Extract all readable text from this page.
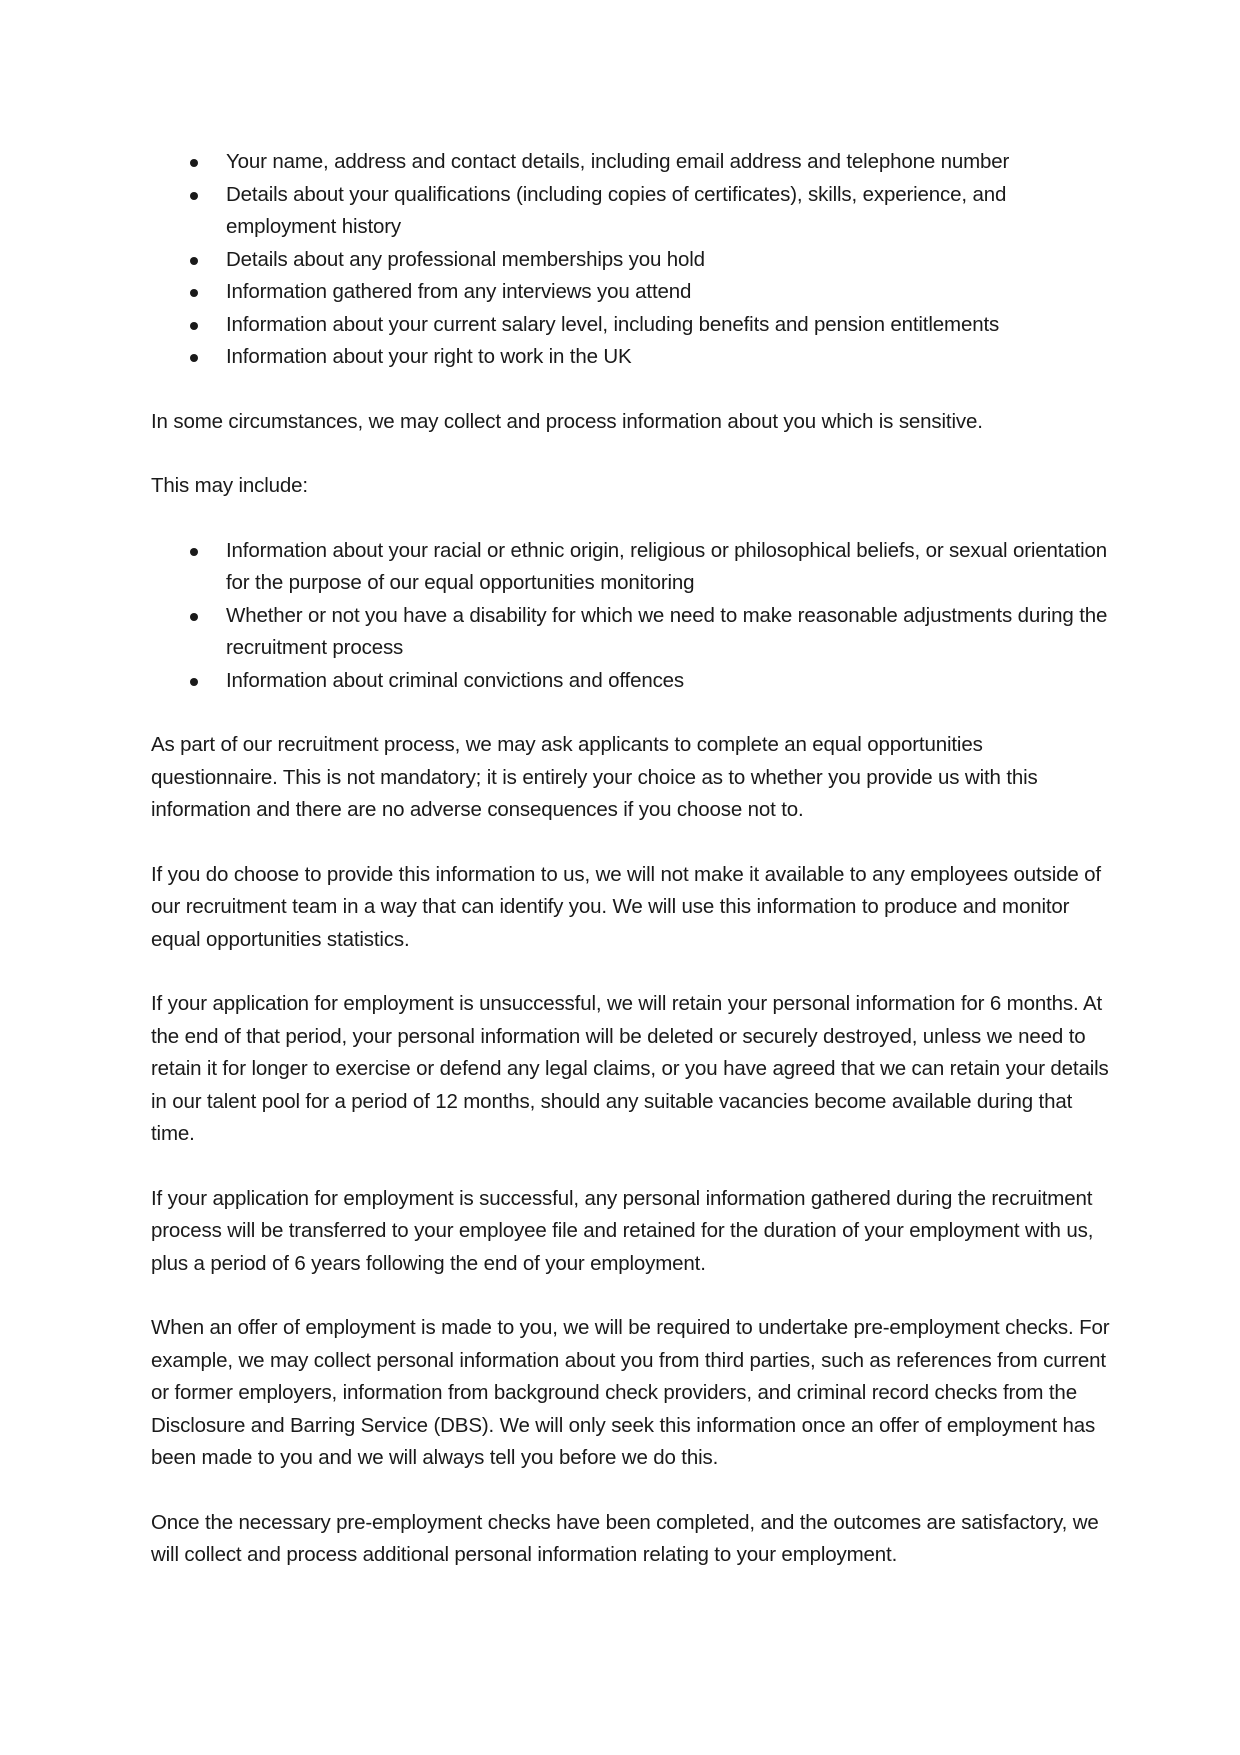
Your name, address and contact details, including email address and telephone number
Details about your qualifications (including copies of certificates), skills, experience, and employment history
Details about any professional memberships you hold
Information gathered from any interviews you attend
Information about your current salary level, including benefits and pension entitlements
Information about your right to work in the UK

In some circumstances, we may collect and process information about you which is sensitive.

This may include:

Information about your racial or ethnic origin, religious or philosophical beliefs, or sexual orientation for the purpose of our equal opportunities monitoring
Whether or not you have a disability for which we need to make reasonable adjustments during the recruitment process
Information about criminal convictions and offences

As part of our recruitment process, we may ask applicants to complete an equal opportunities questionnaire. This is not mandatory; it is entirely your choice as to whether you provide us with this information and there are no adverse consequences if you choose not to.

If you do choose to provide this information to us, we will not make it available to any employees outside of our recruitment team in a way that can identify you. We will use this information to produce and monitor equal opportunities statistics.

If your application for employment is unsuccessful, we will retain your personal information for 6 months. At the end of that period, your personal information will be deleted or securely destroyed, unless we need to retain it for longer to exercise or defend any legal claims, or you have agreed that we can retain your details in our talent pool for a period of 12 months, should any suitable vacancies become available during that time.

If your application for employment is successful, any personal information gathered during the recruitment process will be transferred to your employee file and retained for the duration of your employment with us, plus a period of 6 years following the end of your employment.

When an offer of employment is made to you, we will be required to undertake pre-employment checks. For example, we may collect personal information about you from third parties, such as references from current or former employers, information from background check providers, and criminal record checks from the Disclosure and Barring Service (DBS). We will only seek this information once an offer of employment has been made to you and we will always tell you before we do this.

Once the necessary pre-employment checks have been completed, and the outcomes are satisfactory, we will collect and process additional personal information relating to your employment.
